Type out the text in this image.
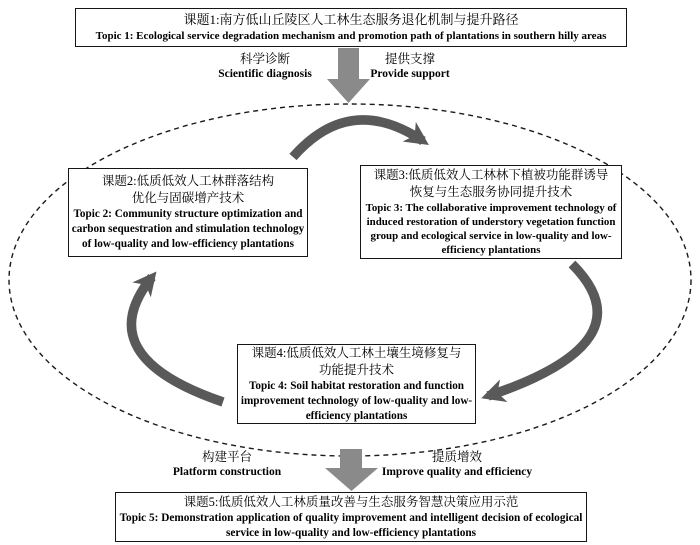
课题1:南方低山丘陵区人工林生态服务退化机制与提升路径
Topic 1: Ecological service degradation mechanism and promotion path of plantations in southern hilly areas
科学诊断
Scientific diagnosis
提供支撑
Provide support
课题2:低质低效人工林群落结构
优化与固碳增产技术
Topic 2: Community structure optimization and carbon sequestration and stimulation technology of low-quality and low-efficiency plantations
课题3:低质低效人工林林下植被功能群诱导
恢复与生态服务协同提升技术
Topic 3: The collaborative improvement technology of induced restoration of understory vegetation function group and ecological service in low-quality and low-efficiency plantations
课题4:低质低效人工林土壤生境修复与
功能提升技术
Topic 4: Soil habitat restoration and function improvement technology of low-quality and low-efficiency plantations
构建平台
Platform construction
提质增效
Improve quality and efficiency
课题5:低质低效人工林质量改善与生态服务智慧决策应用示范
Topic 5: Demonstration application of quality improvement and intelligent decision of ecological service in low-quality and low-efficiency plantations
